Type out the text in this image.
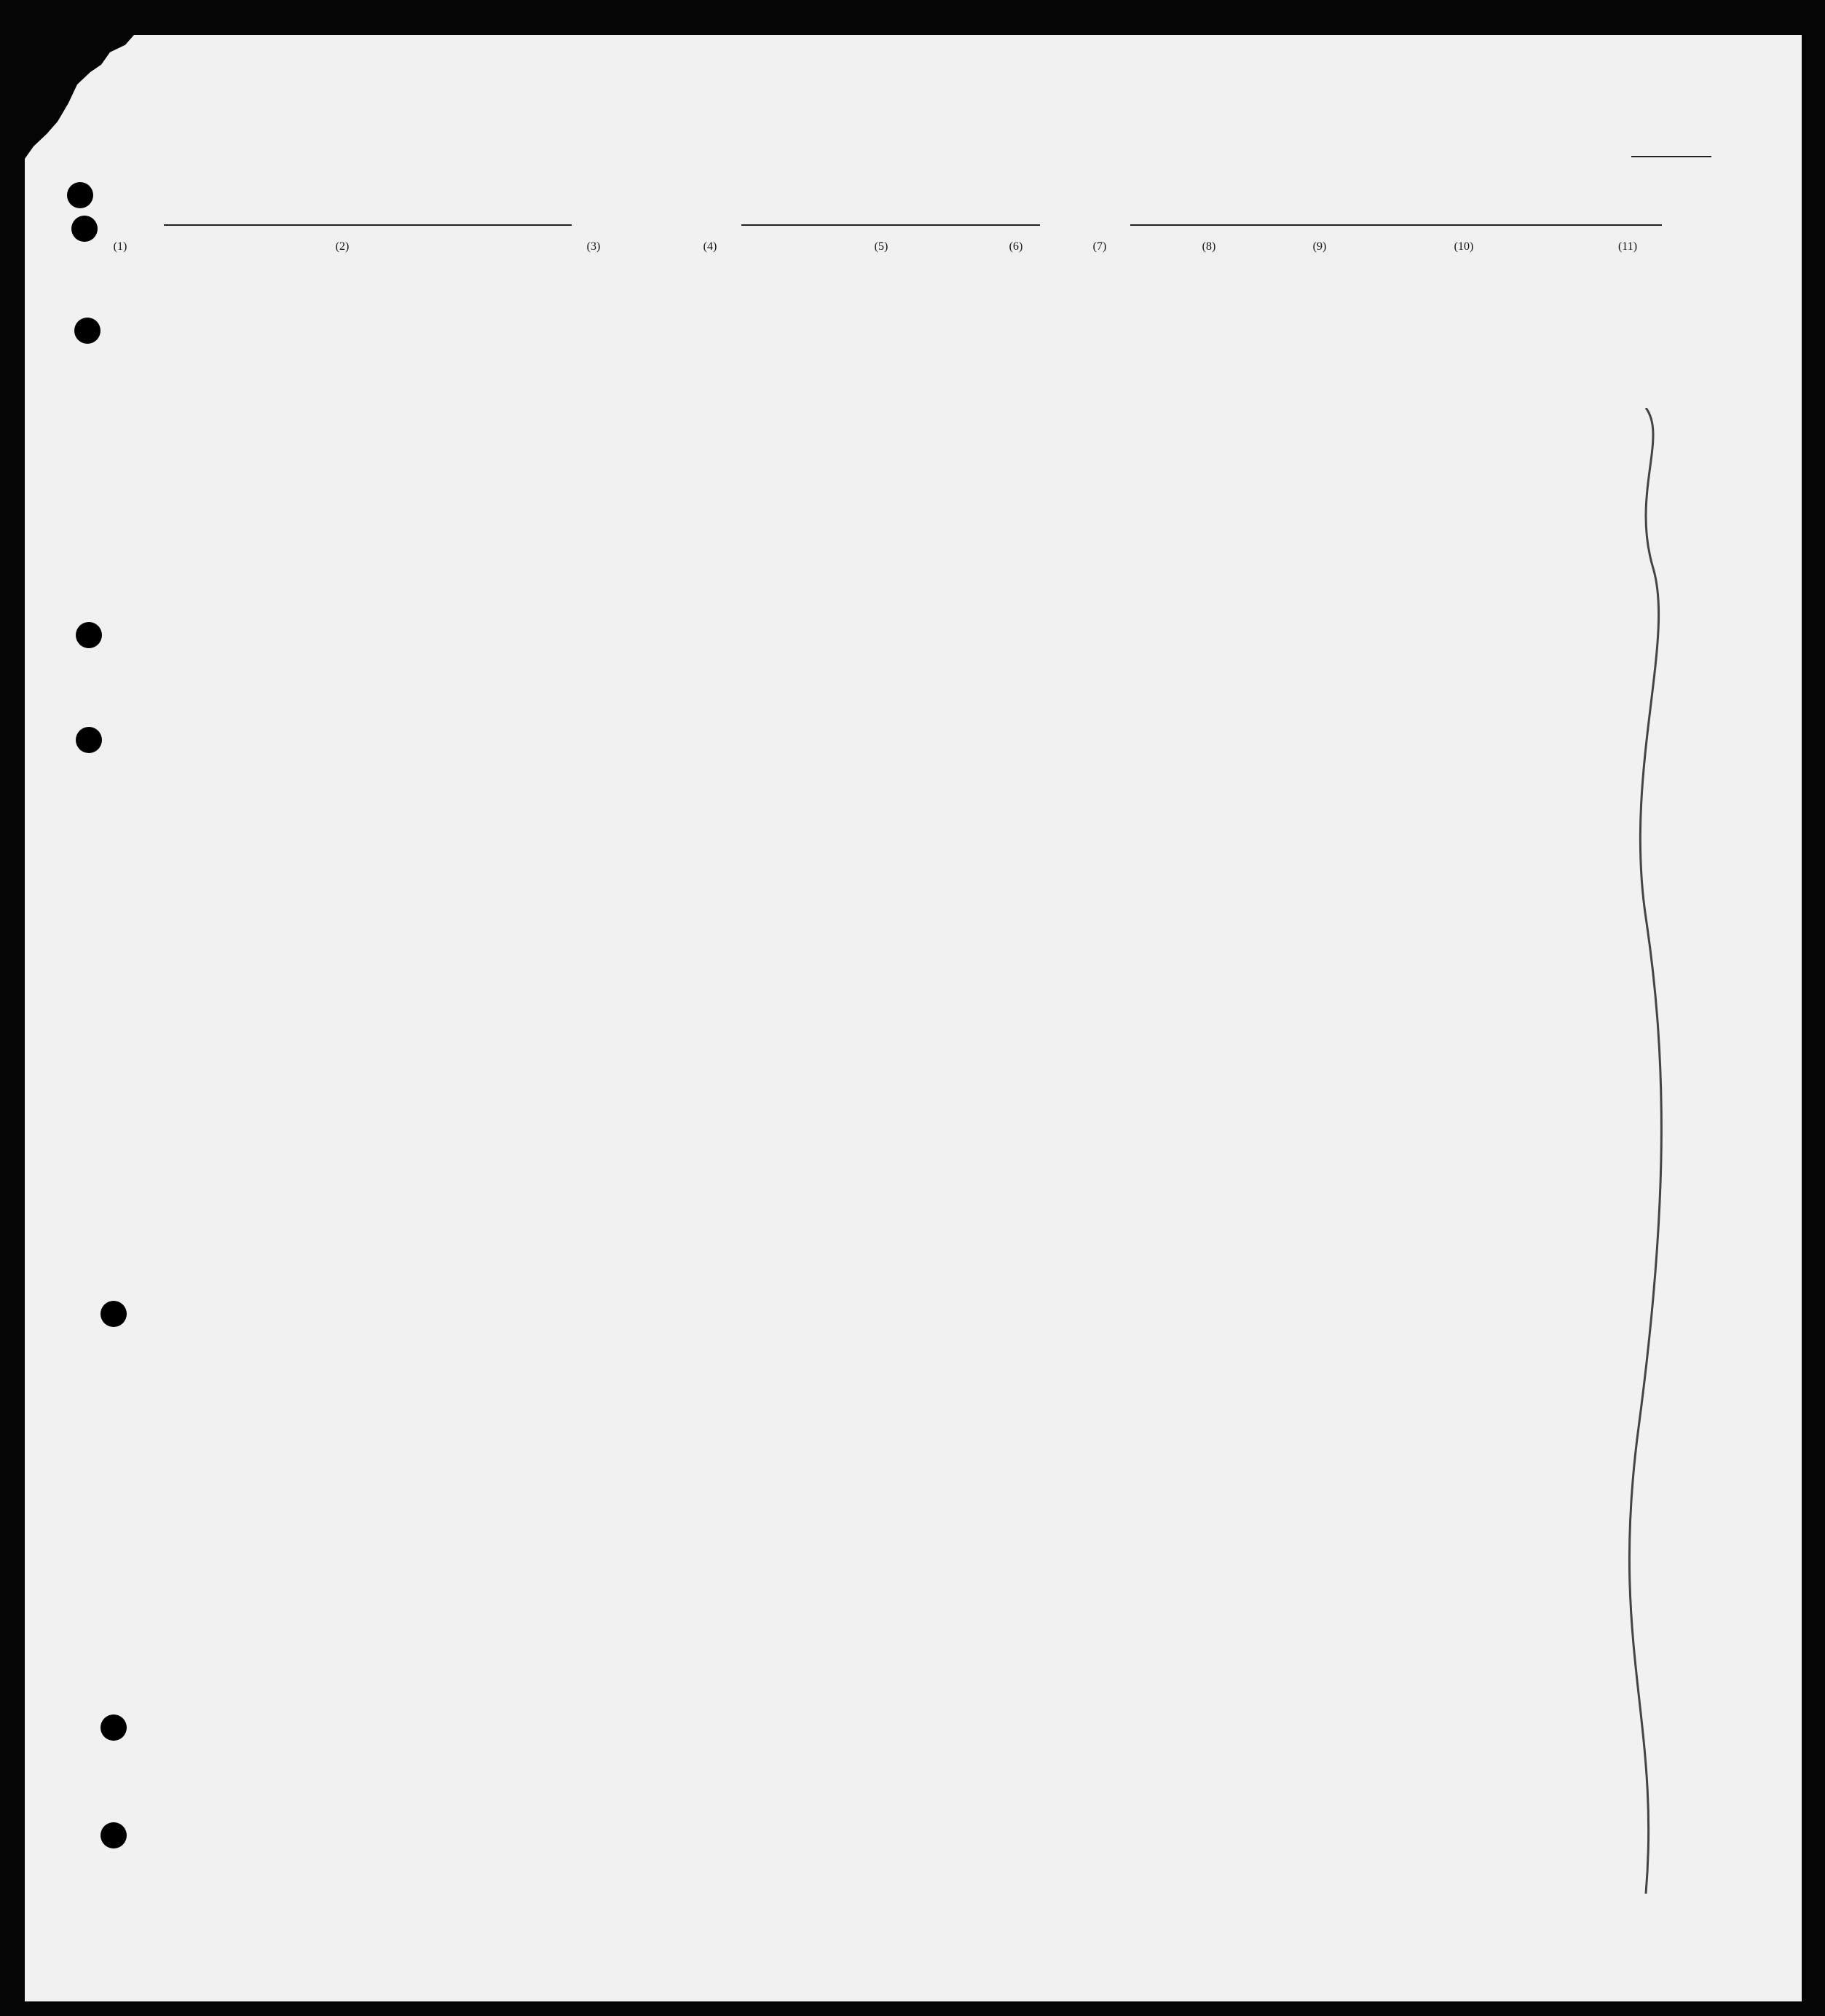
(1)	(2)	(3)	(4)	(5)	(6)	(7)	(8)	(9)	(10)	(11)
